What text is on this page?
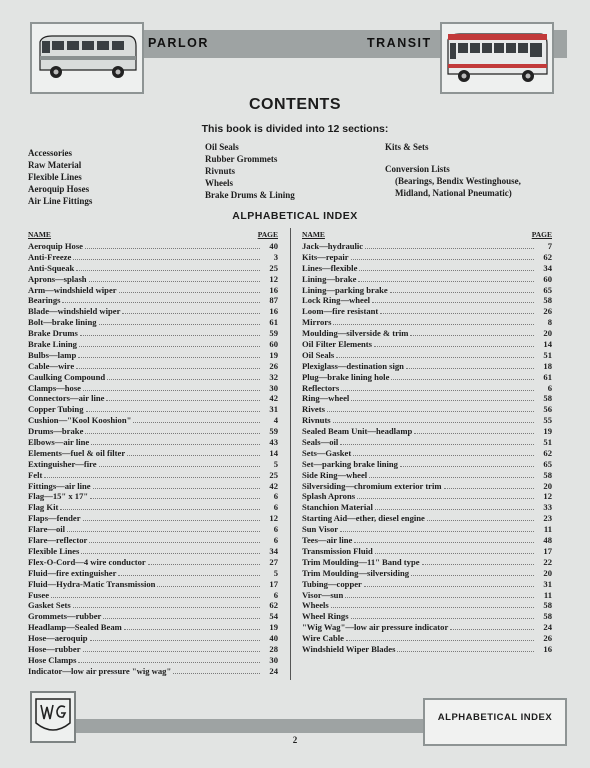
PARLOR	TRANSIT
CONTENTS
This book is divided into 12 sections:
Accessories
Raw Material
Flexible Lines
Aeroquip Hoses
Air Line Fittings
Oil Seals
Rubber Grommets
Rivnuts
Wheels
Brake Drums & Lining
Kits & Sets
Conversion Lists
(Bearings, Bendix Westinghouse,
Midland, National Pneumatic)
ALPHABETICAL INDEX
NAME	PAGE
Aeroquip Hose	40
Anti-Freeze	3
Anti-Squeak	25
Aprons—splash	12
Arm—windshield wiper	16
Bearings	87
Blade—windshield wiper	16
Bolt—brake lining	61
Brake Drums	59
Brake Lining	60
Bulbs—lamp	19
Cable—wire	26
Caulking Compound	32
Clamps—hose	30
Connectors—air line	42
Copper Tubing	31
Cushion—"Kool Kooshion"	4
Drums—brake	59
Elbows—air line	43
Elements—fuel & oil filter	14
Extinguisher—fire	5
Felt	25
Fittings—air line	42
Flag—15" x 17"	6
Flag Kit	6
Flaps—fender	12
Flare—oil	6
Flare—reflector	6
Flexible Lines	34
Flex-O-Cord—4 wire conductor	27
Fluid—fire extinguisher	5
Fluid—Hydra-Matic Transmission	17
Fusee	6
Gasket Sets	62
Grommets—rubber	54
Headlamp—Sealed Beam	19
Hose—aeroquip	40
Hose—rubber	28
Hose Clamps	30
Indicator—low air pressure "wig wag"	24
NAME	PAGE
Jack—hydraulic	7
Kits—repair	62
Lines—flexible	34
Lining—brake	60
Lining—parking brake	65
Lock Ring—wheel	58
Loom—fire resistant	26
Mirrors	8
Moulding—silverside & trim	20
Oil Filter Elements	14
Oil Seals	51
Plexiglass—destination sign	18
Plug—brake lining hole	61
Reflectors	6
Ring—wheel	58
Rivets	56
Rivnuts	55
Sealed Beam Unit—headlamp	19
Seals—oil	51
Sets—Gasket	62
Set—parking brake lining	65
Side Ring—wheel	58
Silversiding—chromium exterior trim	20
Splash Aprons	12
Stanchion Material	33
Starting Aid—ether, diesel engine	23
Sun Visor	11
Tees—air line	48
Transmission Fluid	17
Trim Moulding—11" Band type	22
Trim Moulding—silversiding	20
Tubing—copper	31
Visor—sun	11
Wheels	58
Wheel Rings	58
"Wig Wag"—low air pressure indicator	24
Wire Cable	26
Windshield Wiper Blades	16
ALPHABETICAL INDEX
2
